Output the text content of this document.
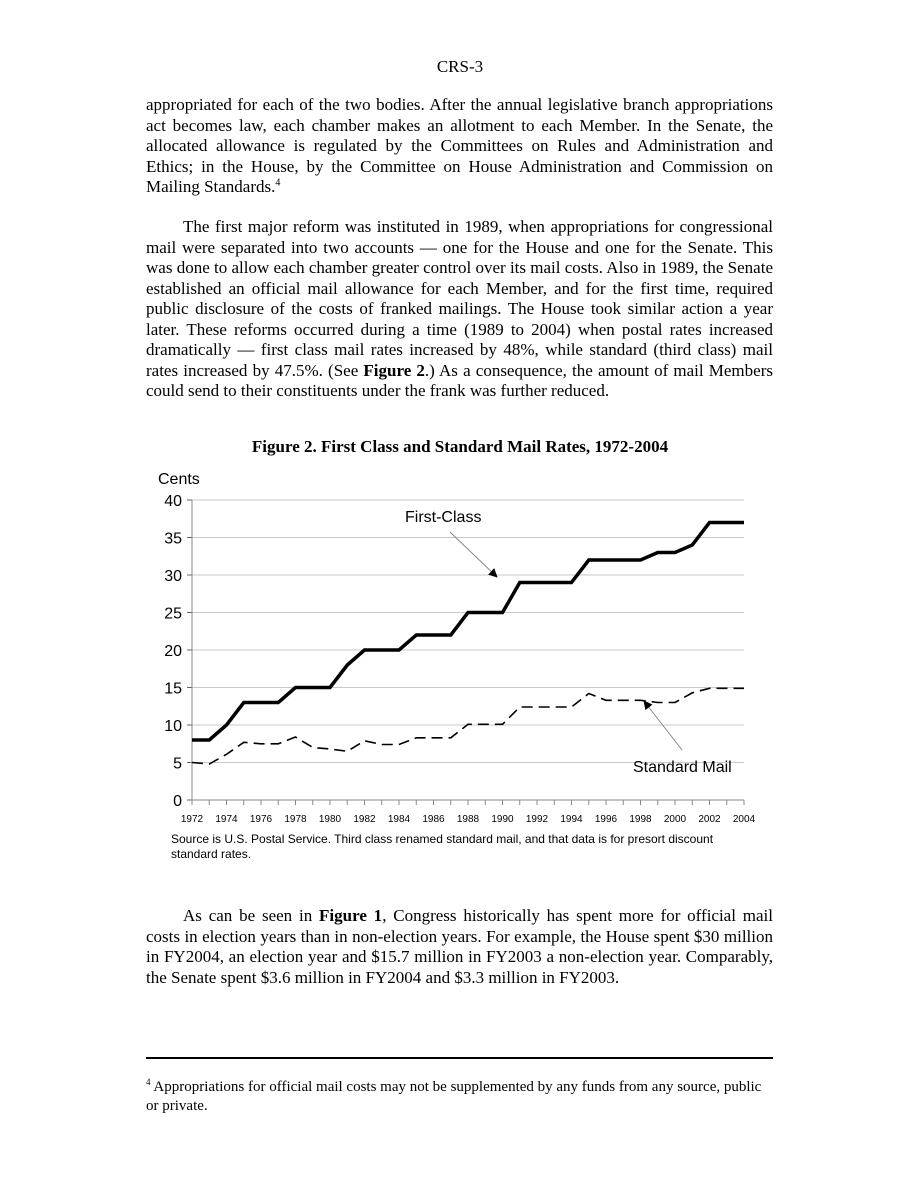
CRS-3
appropriated for each of the two bodies. After the annual legislative branch appropriations act becomes law, each chamber makes an allotment to each Member. In the Senate, the allocated allowance is regulated by the Committees on Rules and Administration and Ethics; in the House, by the Committee on House Administration and Commission on Mailing Standards.$^4$
The first major reform was instituted in 1989, when appropriations for congressional mail were separated into two accounts — one for the House and one for the Senate. This was done to allow each chamber greater control over its mail costs. Also in 1989, the Senate established an official mail allowance for each Member, and for the first time, required public disclosure of the costs of franked mailings. The House took similar action a year later. These reforms occurred during a time (1989 to 2004) when postal rates increased dramatically — first class mail rates increased by 48%, while standard (third class) mail rates increased by 47.5%. (See Figure 2.) As a consequence, the amount of mail Members could send to their constituents under the frank was further reduced.
Figure 2. First Class and Standard Mail Rates, 1972-2004
0
5
10
15
20
25
30
35
40
1972 1974 1976 1978 1980 1982 1984 1986 1988 1990 1992 1994 1996 1998 2000 2002 2004
Cents
First-Class
Standard Mail
Source is U.S. Postal Service. Third class renamed standard mail, and that data is for presort discount standard rates.
As can be seen in Figure 1, Congress historically has spent more for official mail costs in election years than in non-election years. For example, the House spent $30 million in FY2004, an election year and $15.7 million in FY2003 a non-election year. Comparably, the Senate spent $3.6 million in FY2004 and $3.3 million in FY2003.
$^4$ Appropriations for official mail costs may not be supplemented by any funds from any source, public or private.
